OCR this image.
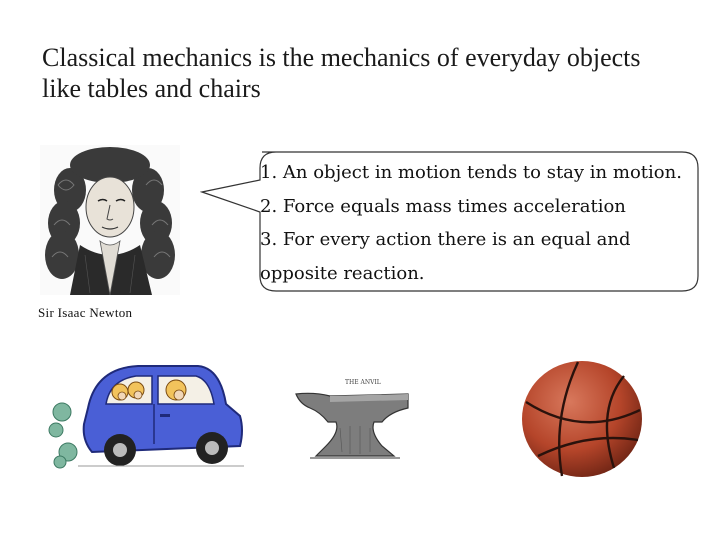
Classical mechanics is the mechanics of everyday objects like tables and chairs
Sir Isaac Newton
1. An object in motion tends to stay in motion.
2. Force equals mass times acceleration
3. For every action there is an equal and
opposite reaction.
THE ANVIL
